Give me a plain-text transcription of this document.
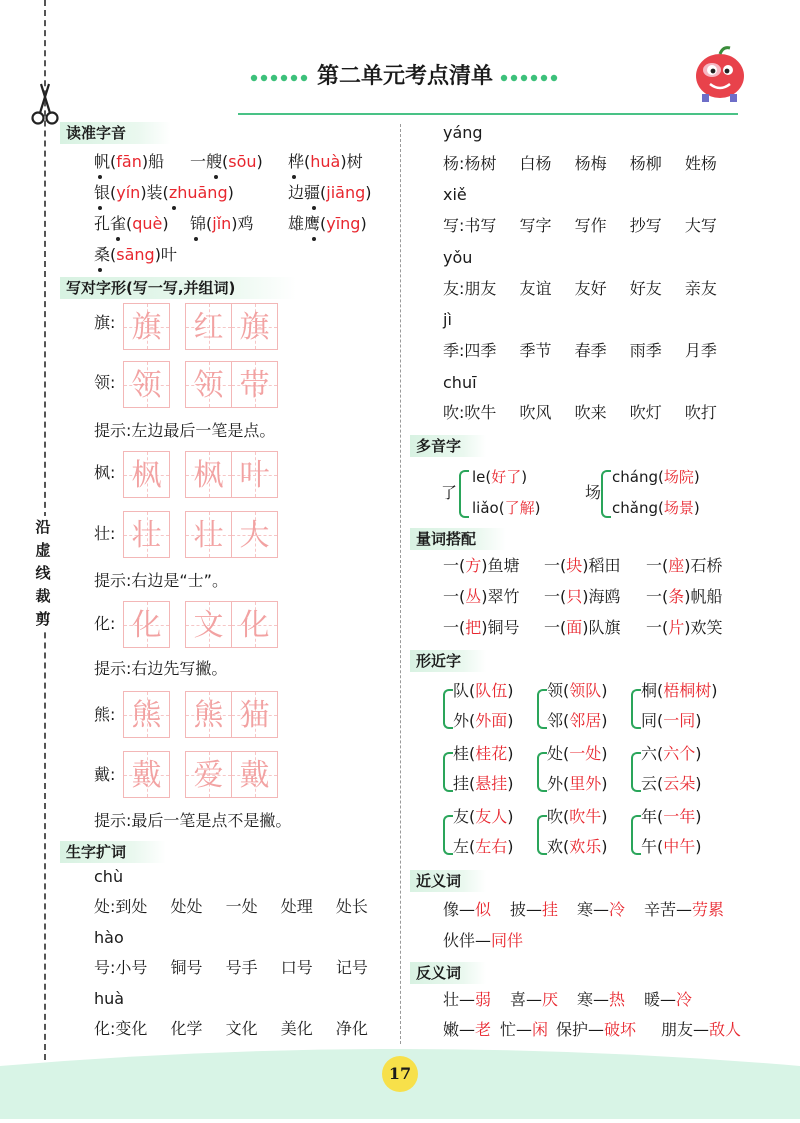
沿
虚
线
裁
剪
第二单元考点清单
读准字音
帆(fān)船 一艘(sōu) 桦(huà)树
银(yín)装(zhuāng)	边疆(jiāng)
孔雀(què) 锦(jǐn)鸡 雄鹰(yīng)
桑(sāng)叶
写对字形(写一写,并组词)
旗: 旗 红 旗
领: 领 领 带
提示:左边最后一笔是点。
枫: 枫 枫 叶
壮: 壮 壮 大
提示:右边是“士”。
化: 化 文 化
提示:右边先写撇。
熊: 熊 熊 猫
戴: 戴 爱 戴
提示:最后一笔是点不是撇。
生字扩词
chù
处:到处 处处 一处 处理 处长
hào
号:小号 铜号 号手 口号 记号
huà
化:变化 化学 文化 美化 净化
yáng
杨:杨树 白杨 杨梅 杨柳 姓杨
xiě
写:书写 写字 写作 抄写 大写
yǒu
友:朋友 友谊 友好 好友 亲友
jì
季:四季 季节 春季 雨季 月季
chuī
吹:吹牛 吹风 吹来 吹灯 吹打
多音字
了
le(好了)
liǎo(了解)
场
cháng(场院)
chǎng(场景)
量词搭配
一(方)鱼塘 一(块)稻田 一(座)石桥
一(丛)翠竹 一(只)海鸥 一(条)帆船
一(把)铜号 一(面)队旗 一(片)欢笑
形近字
队(队伍)
外(外面)
领(领队)
邻(邻居)
桐(梧桐树)
同(一同)
桂(桂花)
挂(悬挂)
处(一处)
外(里外)
六(六个)
云(云朵)
友(友人)
左(左右)
吹(吹牛)
欢(欢乐)
年(一年)
午(中午)
近义词
像—似 披—挂 寒—冷 辛苦—劳累
伙伴—同伴
反义词
壮—弱 喜—厌 寒—热 暖—冷
嫩—老 忙—闲 保护—破坏 朋友—敌人
17
